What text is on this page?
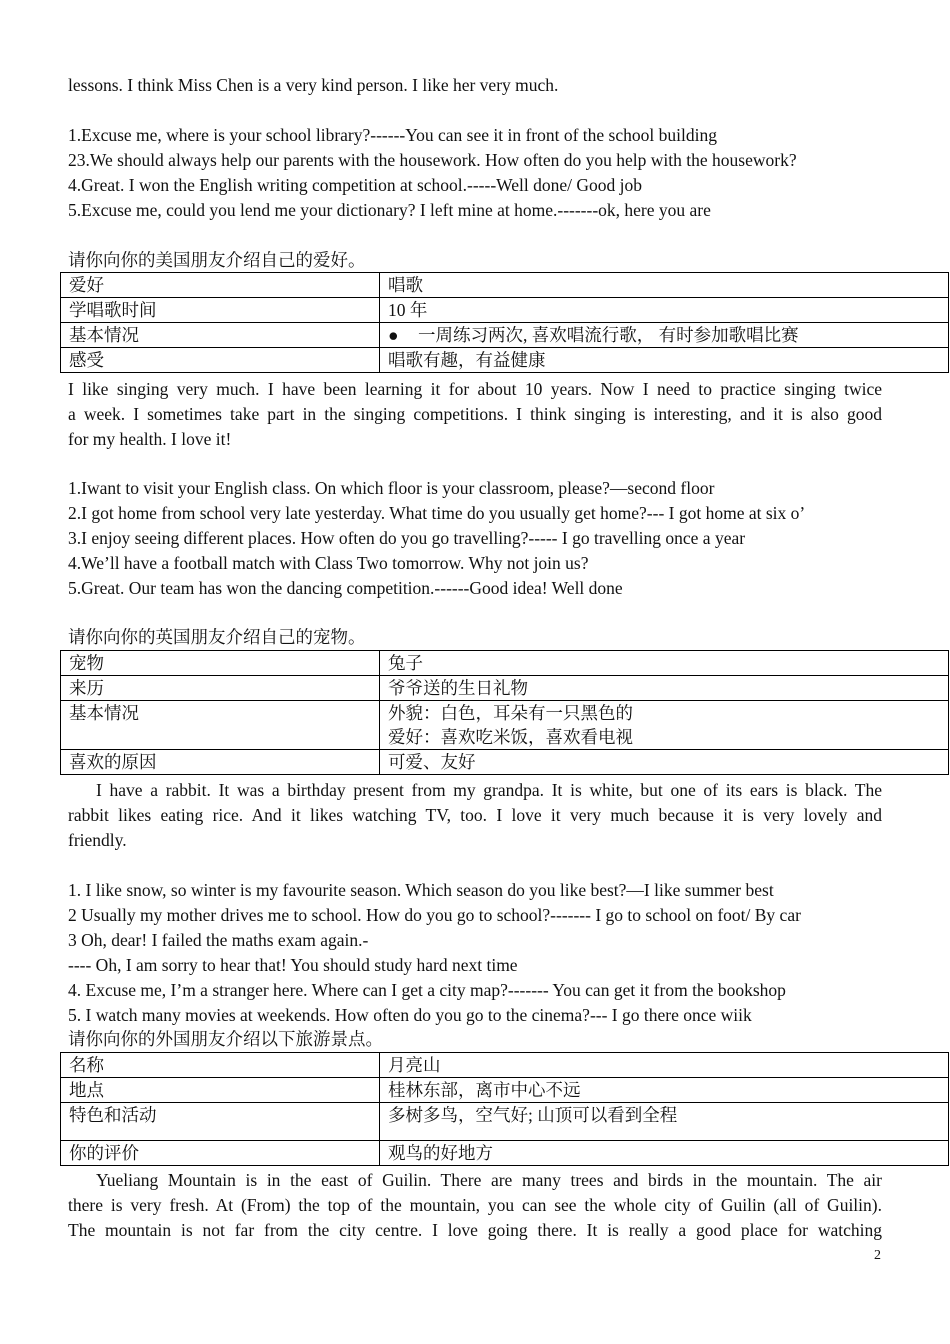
lessons. I think Miss Chen is a very kind person. I like her very much.
1.Excuse me, where is your school library?------You can see it in front of the school building
23.We should always help our parents with the housework. How often do you help with the housework?
4.Great. I won the English writing competition at school.-----Well done/ Good job
5.Excuse me, could you lend me your dictionary? I left mine at home.-------ok, here you are
请你向你的美国朋友介绍自己的爱好。
爱好	唱歌
学唱歌时间	10 年
基本情况	● 一周练习两次, 喜欢唱流行歌， 有时参加歌唱比赛
感受	唱歌有趣，有益健康
I like singing very much. I have been learning it for about 10 years. Now I need to practice singing twice
a week. I sometimes take part in the singing competitions. I think singing is interesting, and it is also good
for my health. I love it!
1.Iwant to visit your English class. On which floor is your classroom, please?—second floor
2.I got home from school very late yesterday. What time do you usually get home?--- I got home at six o’
3.I enjoy seeing different places. How often do you go travelling?----- I go travelling once a year
4.We’ll have a football match with Class Two tomorrow. Why not join us?
5.Great. Our team has won the dancing competition.------Good idea! Well done
请你向你的英国朋友介绍自己的宠物。
宠物	兔子
来历	爷爷送的生日礼物
基本情况	外貌：白色，耳朵有一只黑色的
爱好：喜欢吃米饭，喜欢看电视

喜欢的原因	可爱、友好
I have a rabbit. It was a birthday present from my grandpa. It is white, but one of its ears is black. The
rabbit likes eating rice. And it likes watching TV, too. I love it very much because it is very lovely and
friendly.
1. I like snow, so winter is my favourite season. Which season do you like best?—I like summer best
2 Usually my mother drives me to school. How do you go to school?------- I go to school on foot/ By car
3 Oh, dear! I failed the maths exam again.-
---- Oh, I am sorry to hear that! You should study hard next time
4. Excuse me, I’m a stranger here. Where can I get a city map?------- You can get it from the bookshop
5. I watch many movies at weekends. How often do you go to the cinema?--- I go there once wiik
请你向你的外国朋友介绍以下旅游景点。
名称	月亮山
地点	桂林东部，离市中心不远
特色和活动	多树多鸟，空气好; 山顶可以看到全程
你的评价	观鸟的好地方
Yueliang Mountain is in the east of Guilin. There are many trees and birds in the mountain. The air
there is very fresh. At (From) the top of the mountain, you can see the whole city of Guilin (all of Guilin).
The mountain is not far from the city centre. I love going there. It is really a good place for watching
2
